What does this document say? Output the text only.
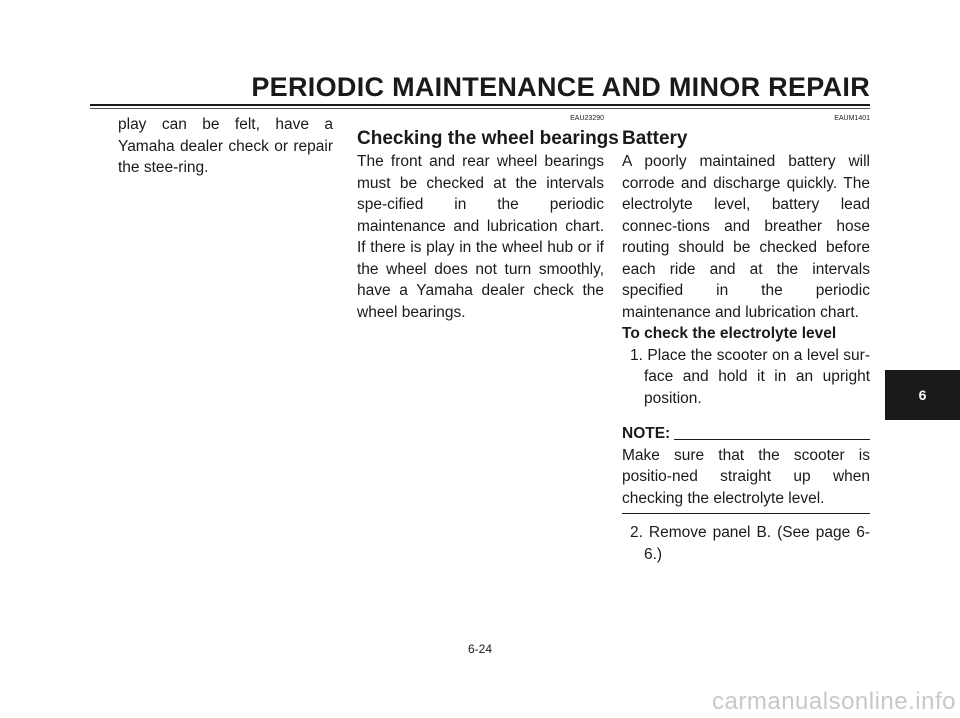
PERIODIC MAINTENANCE AND MINOR REPAIR
play can be felt, have a Yamaha dealer check or repair the stee-ring.
EAU23290
Checking the wheel bearings
The front and rear wheel bearings must be checked at the intervals spe-cified in the periodic maintenance and lubrication chart. If there is play in the wheel hub or if the wheel does not turn smoothly, have a Yamaha dealer check the wheel bearings.
EAUM1401
Battery
A poorly maintained battery will corrode and discharge quickly. The electrolyte level, battery lead connec-tions and breather hose routing should be checked before each ride and at the intervals specified in the periodic maintenance and lubrication chart.
To check the electrolyte level
1. Place the scooter on a level sur-face and hold it in an upright position.
NOTE:
Make sure that the scooter is positio-ned straight up when checking the electrolyte level.
2. Remove panel B. (See page 6-6.)
6
6-24
carmanualsonline.info
